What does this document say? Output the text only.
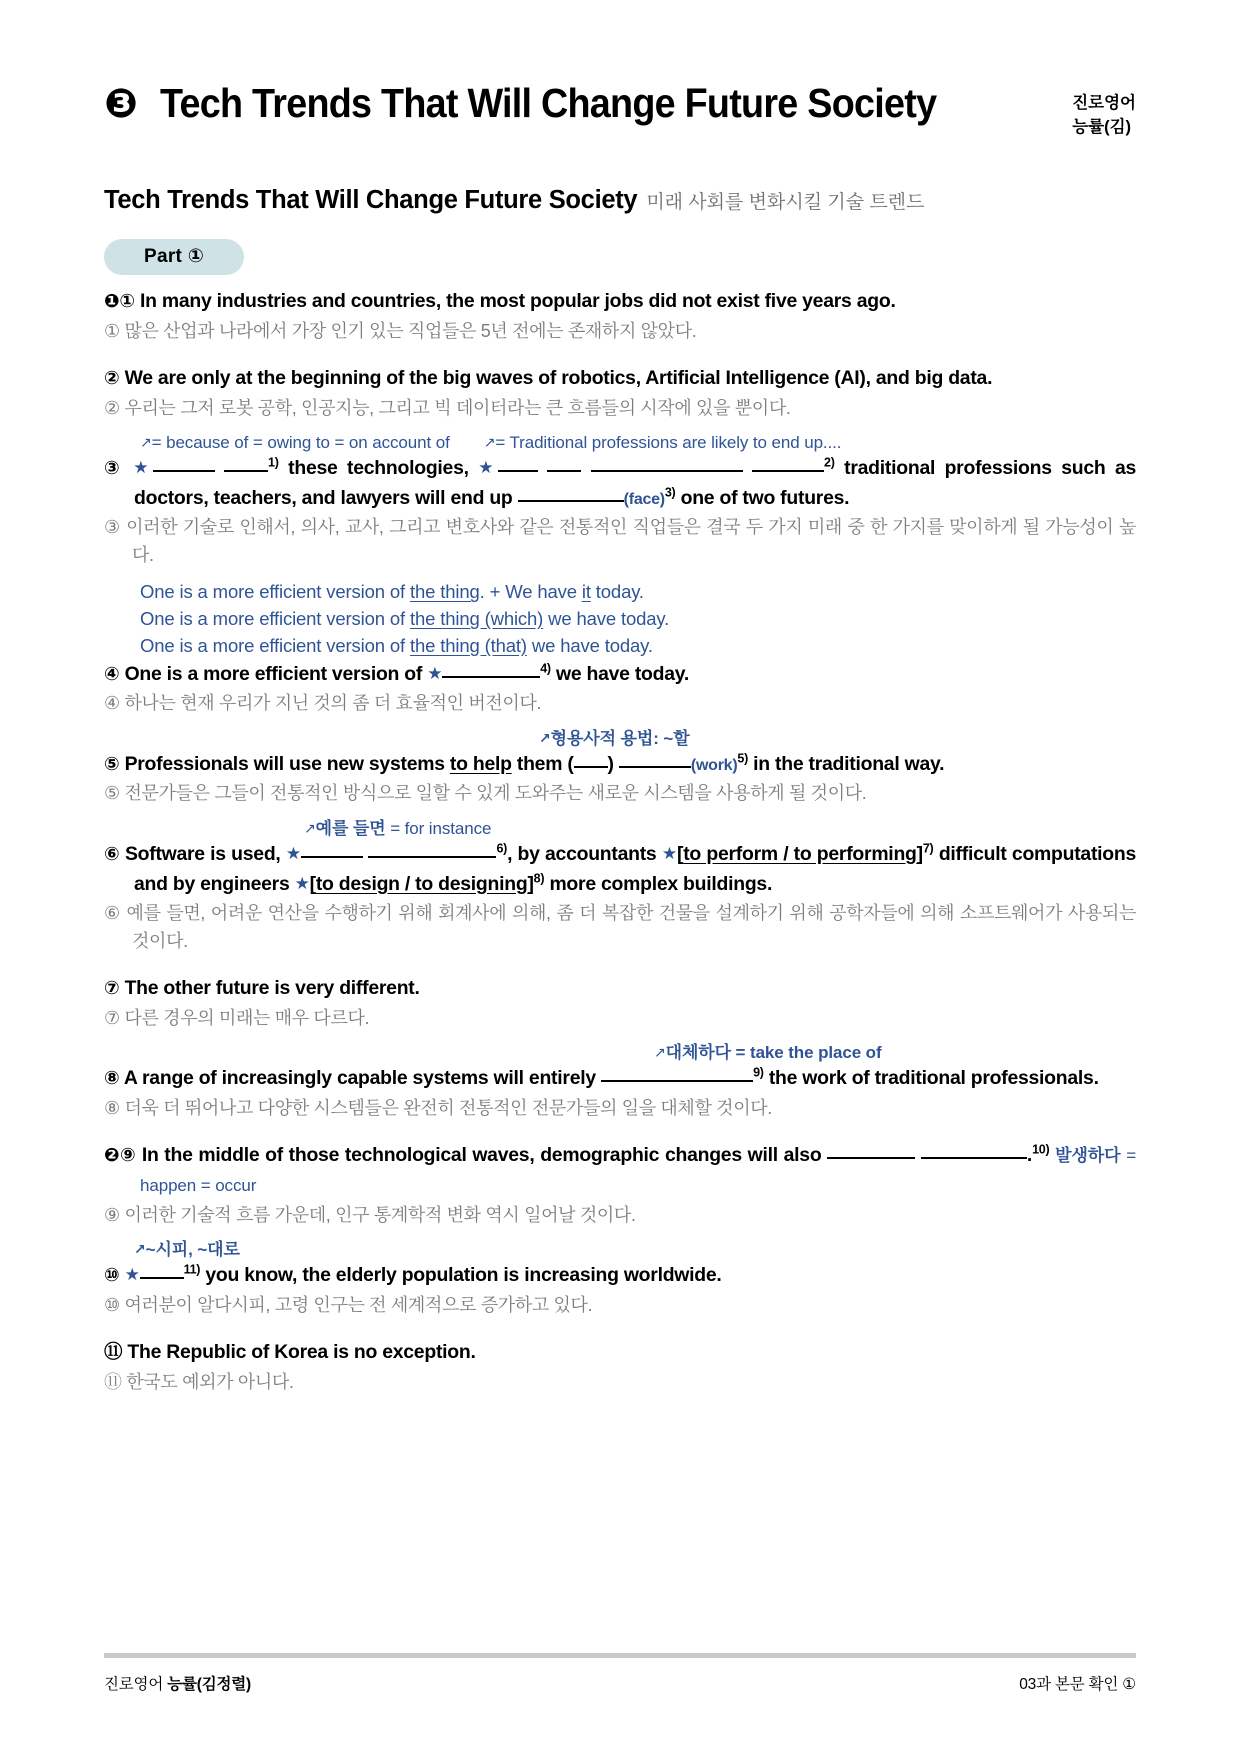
❸ Tech Trends That Will Change Future Society	진로영어
능률(김)
Tech Trends That Will Change Future Society 미래 사회를 변화시킬 기술 트렌드
Part ①

❶① In many industries and countries, the most popular jobs did not exist five years ago.

① 많은 산업과 나라에서 가장 인기 있는 직업들은 5년 전에는 존재하지 않았다.

② We are only at the beginning of the big waves of robotics, Artificial Intelligence (AI), and big data.

② 우리는 그저 로봇 공학, 인공지능, 그리고 빅 데이터라는 큰 흐름들의 시작에 있을 뿐이다.

↗= because of = owing to = on account of ↗= Traditional professions are likely to end up....

③ ★	$^{1)}$ these technologies, ★	$^{2)}$ traditional professions such as doctors, teachers, and lawyers will end up	(face)$^{3)}$ one of two futures.

③ 이러한 기술로 인해서, 의사, 교사, 그리고 변호사와 같은 전통적인 직업들은 결국 두 가지 미래 중 한 가지를 맞이하게 될 가능성이 높다.

One is a more efficient version of the thing. + We have it today.

One is a more efficient version of the thing (which) we have today.

One is a more efficient version of the thing (that) we have today.

④ One is a more efficient version of ★	$^{4)}$ we have today.

④ 하나는 현재 우리가 지닌 것의 좀 더 효율적인 버전이다.

↗형용사적 용법: ~할

⑤ Professionals will use new systems to help them ( )	(work)$^{5)}$ in the traditional way.

⑤ 전문가들은 그들이 전통적인 방식으로 일할 수 있게 도와주는 새로운 시스템을 사용하게 될 것이다.

↗예를 들면 = for instance

⑥ Software is used, ★	$^{6)}$, by accountants ★[to perform / to performing]$^{7)}$ difficult computations and by engineers ★[to design / to designing]$^{8)}$ more complex buildings.

⑥ 예를 들면, 어려운 연산을 수행하기 위해 회계사에 의해, 좀 더 복잡한 건물을 설계하기 위해 공학자들에 의해 소프트웨어가 사용되는 것이다.

⑦ The other future is very different.

⑦ 다른 경우의 미래는 매우 다르다.

↗대체하다 = take the place of

⑧ A range of increasingly capable systems will entirely	$^{9)}$ the work of traditional professionals.

⑧ 더욱 더 뛰어나고 다양한 시스템들은 완전히 전통적인 전문가들의 일을 대체할 것이다.

❷⑨ In the middle of those technological waves, demographic changes will also	.$^{10)}$ 발생하다 = happen = occur

⑨ 이러한 기술적 흐름 가운데, 인구 통계학적 변화 역시 일어날 것이다.

↗~시피, ~대로

⑩ ★	$^{11)}$ you know, the elderly population is increasing worldwide.

⑩ 여러분이 알다시피, 고령 인구는 전 세계적으로 증가하고 있다.

⑪ The Republic of Korea is no exception.

⑪ 한국도 예외가 아니다.

진로영어 능률(김정렬)	03과 본문 확인 ①
